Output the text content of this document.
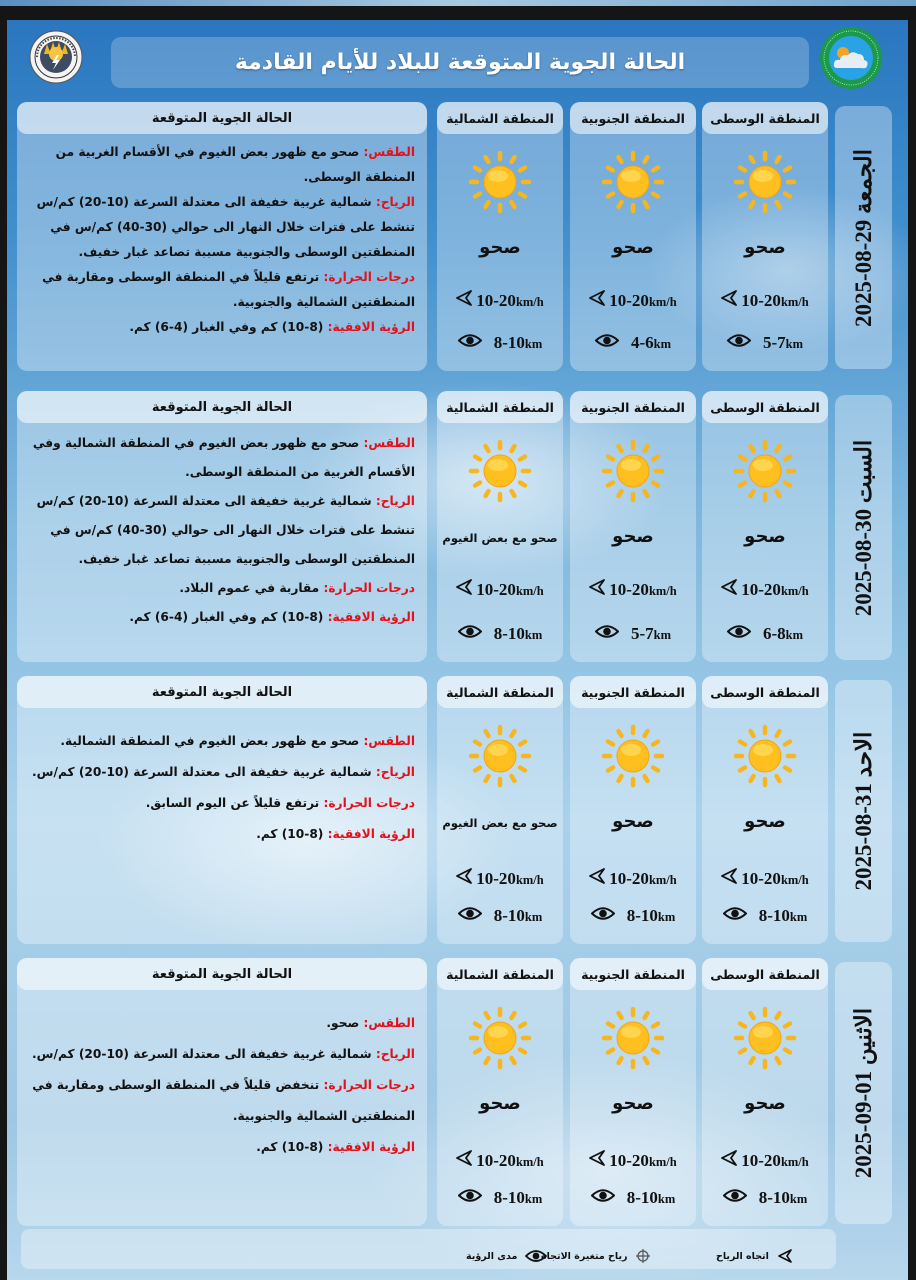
الحالة الجوية المتوقعة للبلاد للأيام القادمة
الحالة الجوية المتوقعة

الطقس: صحو مع ظهور بعض الغيوم في الأقسام الغربية من المنطقة الوسطى.

الرياح: شمالية غربية خفيفة الى معتدلة السرعة (10-20) كم/س تنشط على فترات خلال النهار الى حوالي (30-40) كم/س في المنطقتين الوسطى والجنوبية مسببة تصاعد غبار خفيف.

درجات الحرارة: ترتفع قليلاً في المنطقة الوسطى ومقاربة في المنطقتين الشمالية والجنوبية.

الرؤية الافقية: (8-10) كم وفي الغبار (4-6) كم.

المنطقة الوسطى
صحو
10-20km/h
5-7km
المنطقة الجنوبية
صحو
10-20km/h
4-6km
المنطقة الشمالية
صحو
10-20km/h
8-10km
الجمعة 29-08-2025
الحالة الجوية المتوقعة

الطقس: صحو مع ظهور بعض الغيوم في المنطقة الشمالية وفي الأقسام الغربية من المنطقة الوسطى.

الرياح: شمالية غربية خفيفة الى معتدلة السرعة (10-20) كم/س تنشط على فترات خلال النهار الى حوالي (30-40) كم/س في المنطقتين الوسطى والجنوبية مسببة تصاعد غبار خفيف.

درجات الحرارة: مقاربة في عموم البلاد.

الرؤية الافقية: (8-10) كم وفي الغبار (4-6) كم.

المنطقة الوسطى
صحو
10-20km/h
6-8km
المنطقة الجنوبية
صحو
10-20km/h
5-7km
المنطقة الشمالية
صحو مع بعض الغيوم
10-20km/h
8-10km
السبت 30-08-2025
الحالة الجوية المتوقعة

الطقس: صحو مع ظهور بعض الغيوم في المنطقة الشمالية.

الرياح: شمالية غربية خفيفة الى معتدلة السرعة (10-20) كم/س.

درجات الحرارة: ترتفع قليلاً عن اليوم السابق.

الرؤية الافقية: (8-10) كم.

المنطقة الوسطى
صحو
10-20km/h
8-10km
المنطقة الجنوبية
صحو
10-20km/h
8-10km
المنطقة الشمالية
صحو مع بعض الغيوم
10-20km/h
8-10km
الاحد 31-08-2025
الحالة الجوية المتوقعة

الطقس: صحو.

الرياح: شمالية غربية خفيفة الى معتدلة السرعة (10-20) كم/س.

درجات الحرارة: تنخفض قليلاً في المنطقة الوسطى ومقاربة في المنطقتين الشمالية والجنوبية.

الرؤية الافقية: (8-10) كم.

المنطقة الوسطى
صحو
10-20km/h
8-10km
المنطقة الجنوبية
صحو
10-20km/h
8-10km
المنطقة الشمالية
صحو
10-20km/h
8-10km
الاثنين 01-09-2025
اتجاه الرياح
رياح متغيرة الاتجاه
مدى الرؤية
